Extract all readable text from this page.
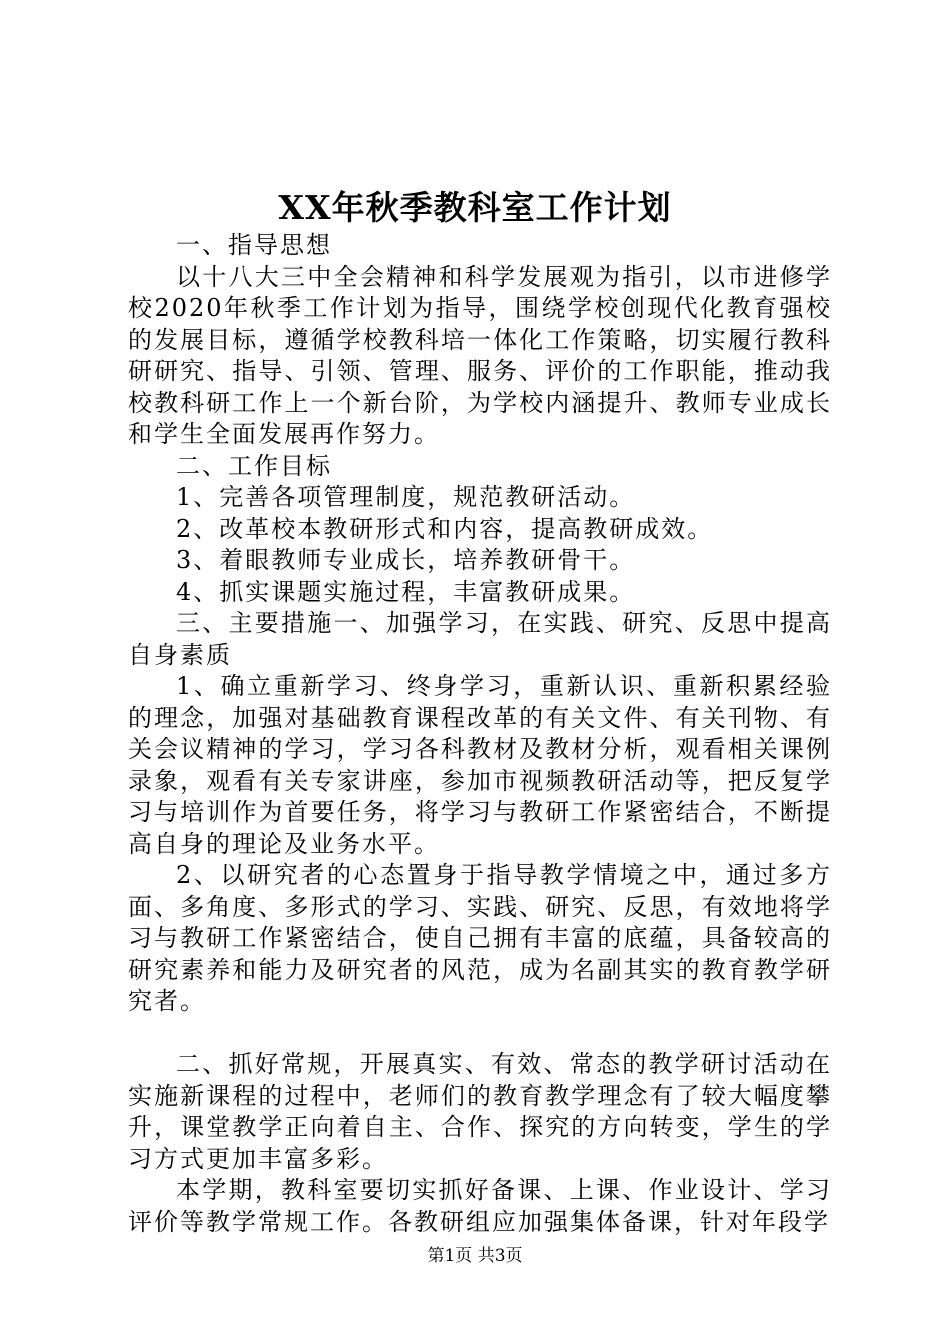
XX年秋季教科室工作计划

一、指导思想

以十八大三中全会精神和科学发展观为指引，以市进修学校2020年秋季工作计划为指导，围绕学校创现代化教育强校的发展目标，遵循学校教科培一体化工作策略，切实履行教科研研究、指导、引领、管理、服务、评价的工作职能，推动我校教科研工作上一个新台阶，为学校内涵提升、教师专业成长和学生全面发展再作努力。

二、工作目标

1、完善各项管理制度，规范教研活动。

2、改革校本教研形式和内容，提高教研成效。

3、着眼教师专业成长，培养教研骨干。

4、抓实课题实施过程，丰富教研成果。

三、主要措施一、加强学习，在实践、研究、反思中提高自身素质

1、确立重新学习、终身学习，重新认识、重新积累经验的理念，加强对基础教育课程改革的有关文件、有关刊物、有关会议精神的学习，学习各科教材及教材分析，观看相关课例录象，观看有关专家讲座，参加市视频教研活动等，把反复学习与培训作为首要任务，将学习与教研工作紧密结合，不断提高自身的理论及业务水平。

2、以研究者的心态置身于指导教学情境之中，通过多方面、多角度、多形式的学习、实践、研究、反思，有效地将学习与教研工作紧密结合，使自己拥有丰富的底蕴，具备较高的研究素养和能力及研究者的风范，成为名副其实的教育教学研究者。

二、抓好常规，开展真实、有效、常态的教学研讨活动在实施新课程的过程中，老师们的教育教学理念有了较大幅度攀升，课堂教学正向着自主、合作、探究的方向转变，学生的学习方式更加丰富多彩。

本学期，教科室要切实抓好备课、上课、作业设计、学习评价等教学常规工作。各教研组应加强集体备课，针对年段学

第1页 共3页
